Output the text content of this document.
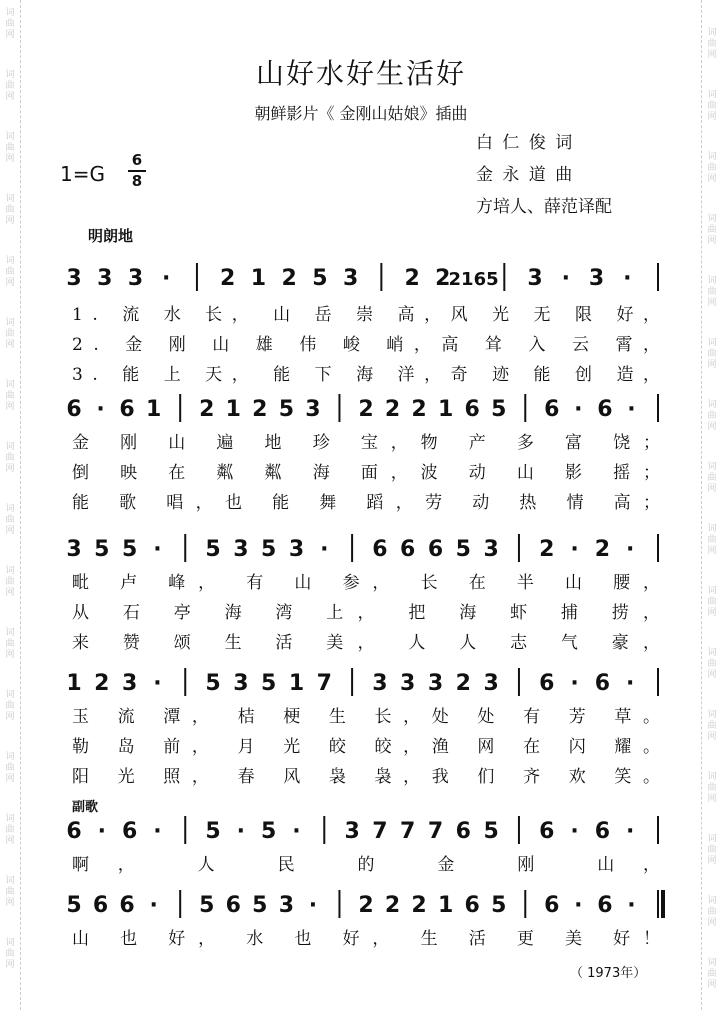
山好水好生活好
朝鲜影片《 金刚山姑娘》插曲
白 仁 俊 词
金 永 道 曲
方培人、薛范译配
1=G
6
8
明朗地
副歌
3 3 3 · 2 1 2 5 3 2 2
2165 3 · 3 ·
1. 流 水 长， 山 岳 崇 高，风 光 无 限 好，
2. 金 刚 山 雄 伟 峻 峭，高 耸 入 云 霄，
3. 能 上 天， 能 下 海 洋，奇 迹 能 创 造，
6 · 6 1 2 1 2 5 3 2 2 2 1 6 5 6 · 6 ·
金 刚 山 遍 地 珍 宝，物 产 多 富 饶；
倒 映 在 粼 粼 海 面，波 动 山 影 摇；
能 歌 唱，也 能 舞 蹈，劳 动 热 情 高；
3 5 5 · 5 3 5 3 · 6 6 6 5 3 2 · 2 ·
毗 卢 峰， 有 山 参， 长 在 半 山 腰，
从 石 亭 海 湾 上， 把 海 虾 捕 捞，
来 赞 颂 生 活 美， 人 人 志 气 豪，
1 2 3 · 5 3 5 1 7 3 3 3 2 3 6 · 6 ·
玉 流 潭， 桔 梗 生 长，处 处 有 芳 草。
勒 岛 前， 月 光 皎 皎，渔 网 在 闪 耀。
阳 光 照， 春 风 袅 袅，我 们 齐 欢 笑。
6 · 6 · 5 · 5 · 3 7 7 7 6 5 6 · 6 ·
啊， 人 民 的 金 刚 山，
5 6 6 · 5 6 5 3 · 2 2 2 1 6 5 6 · 6 ·
山 也 好， 水 也 好， 生 活 更 美 好！
（ 1973年）
词
曲
网	词
曲
网
词
曲
网	词
曲
网
词
曲
网	词
曲
网
词
曲
网	词
曲
网
词
曲
网	词
曲
网
词
曲
网	词
曲
网
词
曲
网	词
曲
网
词
曲
网	词
曲
网
词
曲
网	词
曲
网
词
曲
网	词
曲
网
词
曲
网	词
曲
网
词
曲
网	词
曲
网
词
曲
网	词
曲
网
词
曲
网	词
曲
网
词
曲
网	词
曲
网
词
曲
网	词
曲
网
